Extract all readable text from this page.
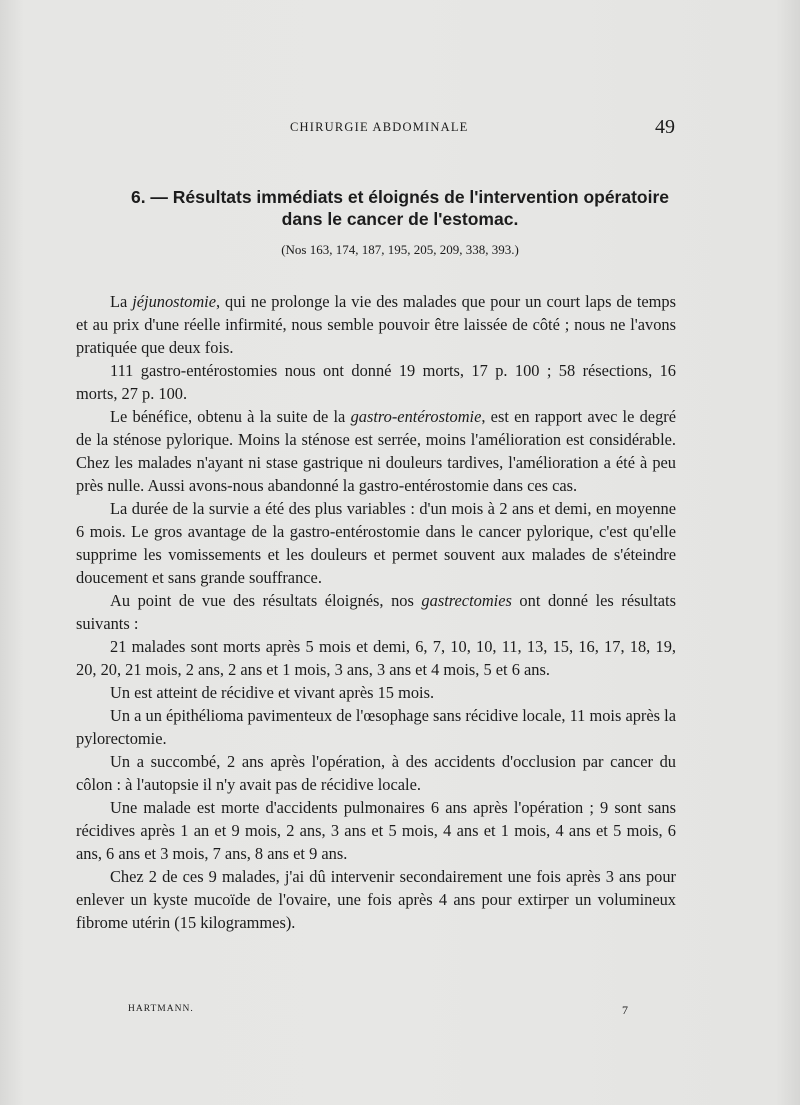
CHIRURGIE ABDOMINALE	49
6. — Résultats immédiats et éloignés de l'intervention opératoire
dans le cancer de l'estomac.
(Nos 163, 174, 187, 195, 205, 209, 338, 393.)

La jéjunostomie, qui ne prolonge la vie des malades que pour un court laps de temps et au prix d'une réelle infirmité, nous semble pouvoir être laissée de côté ; nous ne l'avons pratiquée que deux fois.

111 gastro-entérostomies nous ont donné 19 morts, 17 p. 100 ; 58 résections, 16 morts, 27 p. 100.

Le bénéfice, obtenu à la suite de la gastro-entérostomie, est en rapport avec le degré de la sténose pylorique. Moins la sténose est serrée, moins l'amélioration est considérable. Chez les malades n'ayant ni stase gastrique ni douleurs tardives, l'amélioration a été à peu près nulle. Aussi avons-nous abandonné la gastro-entérostomie dans ces cas.

La durée de la survie a été des plus variables : d'un mois à 2 ans et demi, en moyenne 6 mois. Le gros avantage de la gastro-entérostomie dans le cancer pylorique, c'est qu'elle supprime les vomissements et les douleurs et permet souvent aux malades de s'éteindre doucement et sans grande souffrance.

Au point de vue des résultats éloignés, nos gastrectomies ont donné les résultats suivants :

21 malades sont morts après 5 mois et demi, 6, 7, 10, 10, 11, 13, 15, 16, 17, 18, 19, 20, 20, 21 mois, 2 ans, 2 ans et 1 mois, 3 ans, 3 ans et 4 mois, 5 et 6 ans.

Un est atteint de récidive et vivant après 15 mois.

Un a un épithélioma pavimenteux de l'œsophage sans récidive locale, 11 mois après la pylorectomie.

Un a succombé, 2 ans après l'opération, à des accidents d'occlusion par cancer du côlon : à l'autopsie il n'y avait pas de récidive locale.

Une malade est morte d'accidents pulmonaires 6 ans après l'opération ; 9 sont sans récidives après 1 an et 9 mois, 2 ans, 3 ans et 5 mois, 4 ans et 1 mois, 4 ans et 5 mois, 6 ans, 6 ans et 3 mois, 7 ans, 8 ans et 9 ans.

Chez 2 de ces 9 malades, j'ai dû intervenir secondairement une fois après 3 ans pour enlever un kyste mucoïde de l'ovaire, une fois après 4 ans pour extirper un volumineux fibrome utérin (15 kilogrammes).

HARTMANN.	7
